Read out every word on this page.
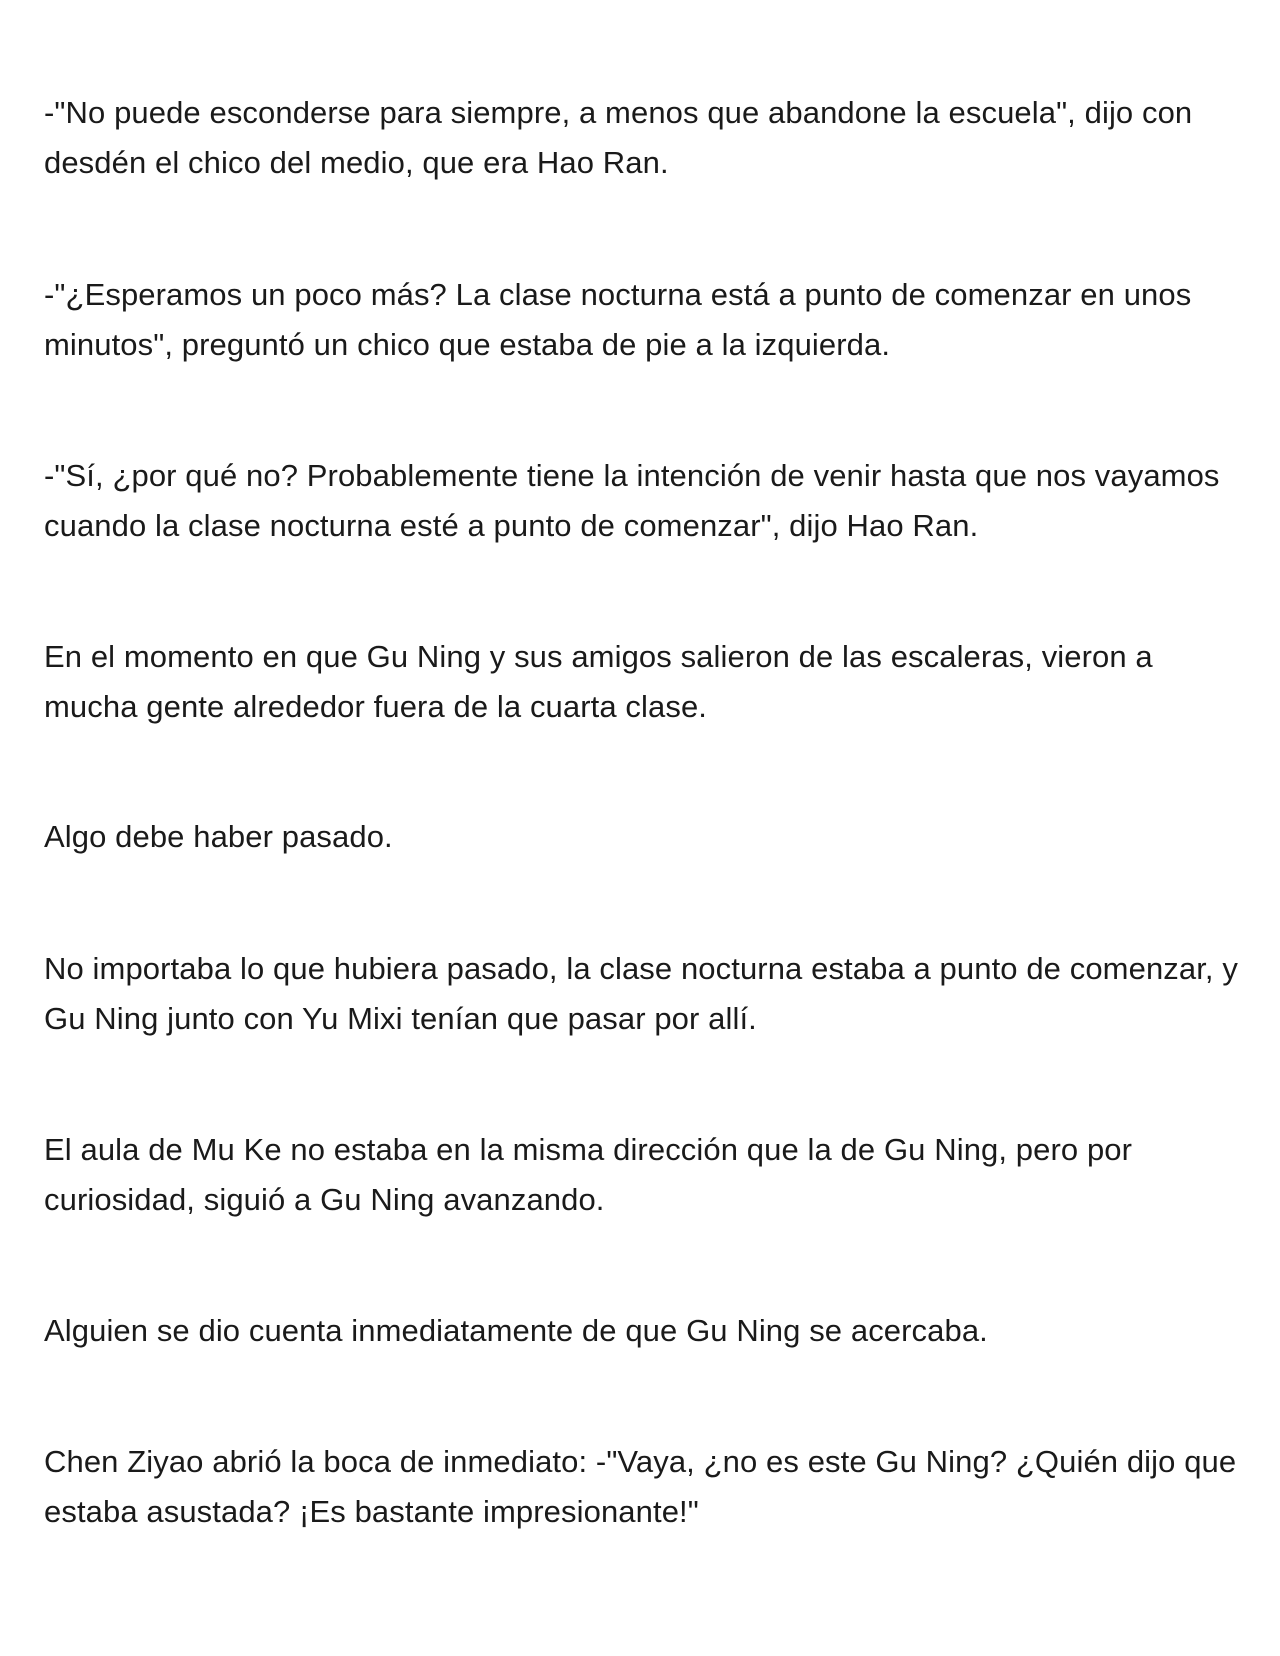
-"No puede esconderse para siempre, a menos que abandone la escuela", dijo con desdén el chico del medio, que era Hao Ran.

-"¿Esperamos un poco más? La clase nocturna está a punto de comenzar en unos minutos", preguntó un chico que estaba de pie a la izquierda.

-"Sí, ¿por qué no? Probablemente tiene la intención de venir hasta que nos vayamos cuando la clase nocturna esté a punto de comenzar", dijo Hao Ran.

En el momento en que Gu Ning y sus amigos salieron de las escaleras, vieron a mucha gente alrededor fuera de la cuarta clase.

Algo debe haber pasado.

No importaba lo que hubiera pasado, la clase nocturna estaba a punto de comenzar, y Gu Ning junto con Yu Mixi tenían que pasar por allí.

El aula de Mu Ke no estaba en la misma dirección que la de Gu Ning, pero por curiosidad, siguió a Gu Ning avanzando.

Alguien se dio cuenta inmediatamente de que Gu Ning se acercaba.

Chen Ziyao abrió la boca de inmediato: -"Vaya, ¿no es este Gu Ning? ¿Quién dijo que estaba asustada? ¡Es bastante impresionante!"
